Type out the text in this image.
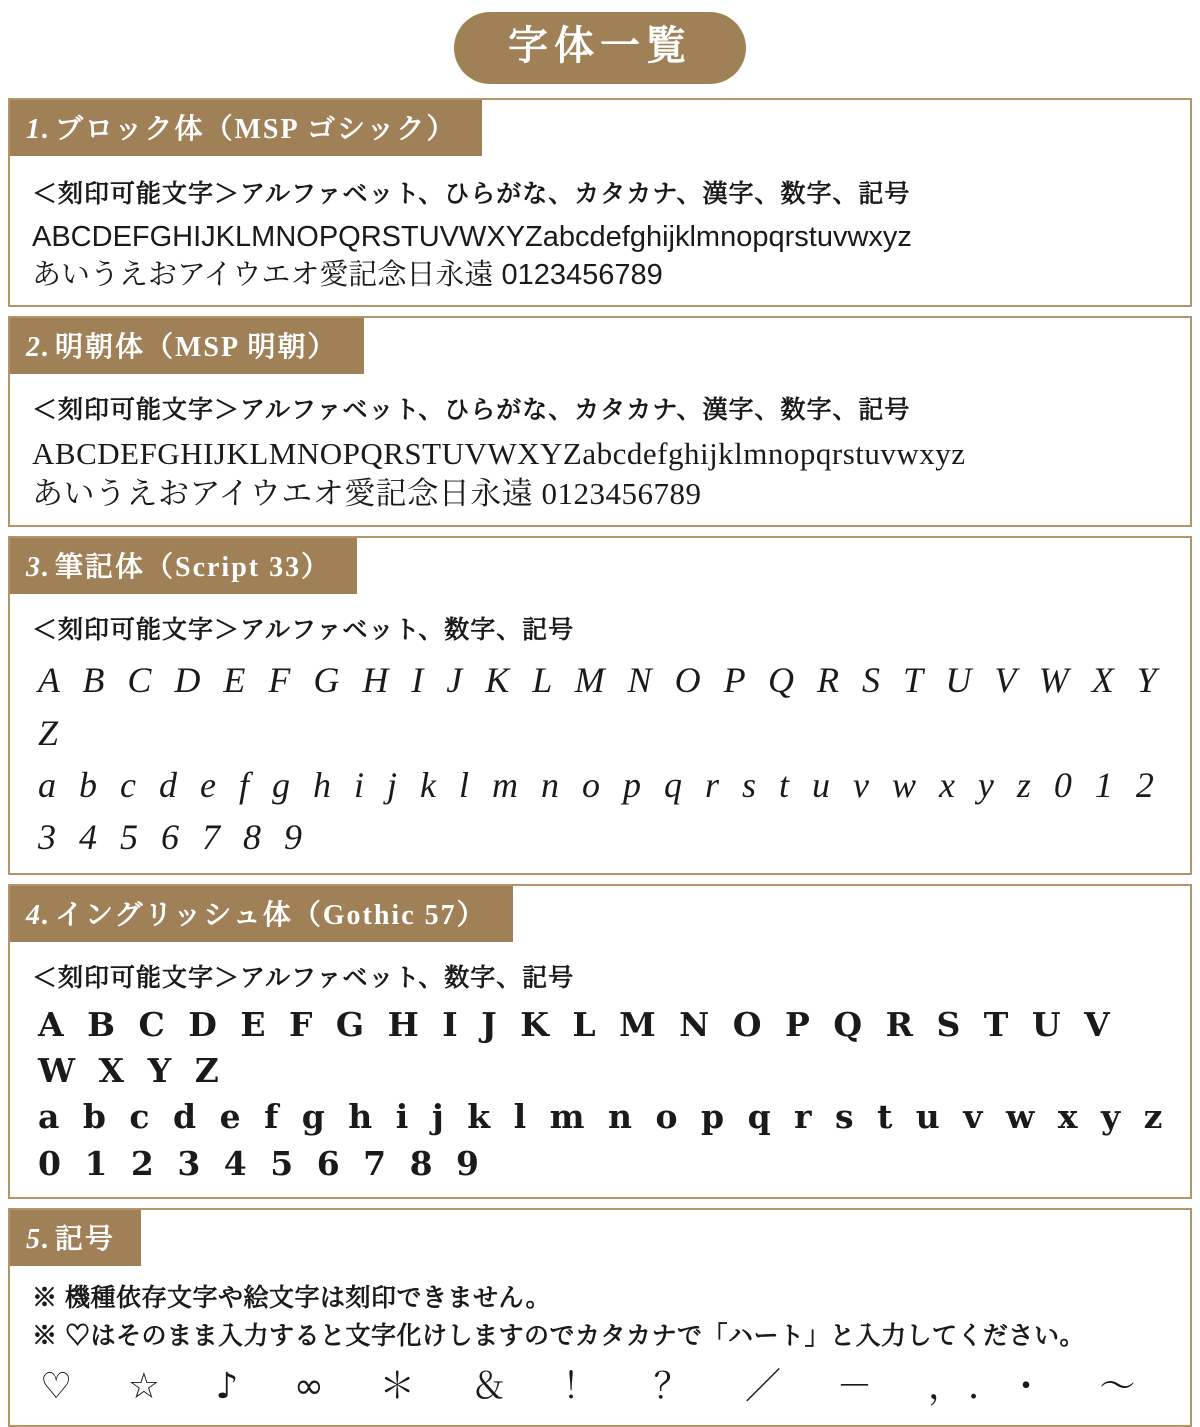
字体一覧
1. ブロック体（MSP ゴシック）
＜刻印可能文字＞アルファベット、ひらがな、カタカナ、漢字、数字、記号
ABCDEFGHIJKLMNOPQRSTUVWXYZabcdefghijklmnopqrstuvwxyz
あいうえおアイウエオ愛記念日永遠 0123456789
2. 明朝体（MSP 明朝）
＜刻印可能文字＞アルファベット、ひらがな、カタカナ、漢字、数字、記号
ABCDEFGHIJKLMNOPQRSTUVWXYZabcdefghijklmnopqrstuvwxyz
あいうえおアイウエオ愛記念日永遠 0123456789
3. 筆記体（Script 33）
＜刻印可能文字＞アルファベット、数字、記号
A B C D E F G H I J K L M N O P Q R S T U V W X Y Z
a b c d e f g h i j k l m n o p q r s t u v w x y z 0 1 2 3 4 5 6 7 8 9
4. イングリッシュ体（Gothic 57）
＜刻印可能文字＞アルファベット、数字、記号
A B C D E F G H I J K L M N O P Q R S T U V W X Y Z
a b c d e f g h i j k l m n o p q r s t u v w x y z 0 1 2 3 4 5 6 7 8 9
5. 記号
※ 機種依存文字や絵文字は刻印できません。
※ ♡はそのまま入力すると文字化けしますのでカタカナで「ハート」と入力してください。
♡ ☆ ♪ ∞ ＊ ＆ ！ ？ ／ － ，．・ ～
